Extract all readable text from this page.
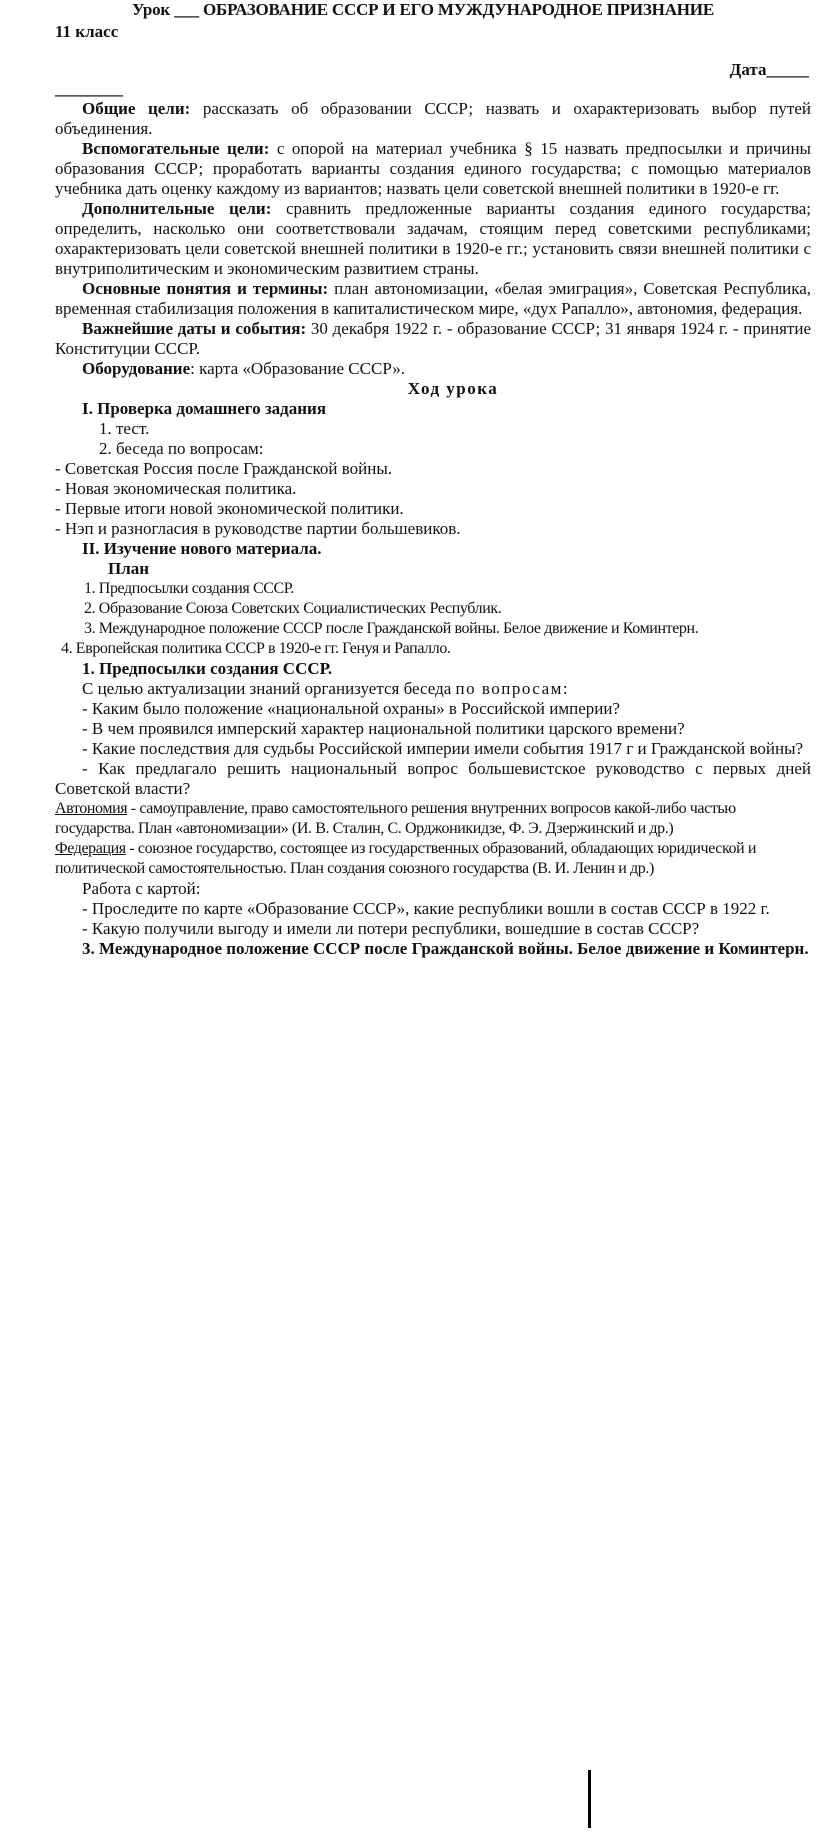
Урок ___ ОБРАЗОВАНИЕ СССР И ЕГО МУЖДУНАРОДНОЕ ПРИЗНАНИЕ

11 класс

Дата_____

________

Общие цели: рассказать об образовании СССР; назвать и охарактеризовать выбор путей объединения.

Вспомогательные цели: с опорой на материал учебника § 15 назвать предпосылки и причины образования СССР; проработать варианты создания единого государства; с помощью материалов учебника дать оценку каждому из вариантов; назвать цели советской внешней политики в 1920-е гг.

Дополнительные цели: сравнить предложенные варианты создания единого государства; определить, насколько они соответствовали задачам, стоящим перед советскими республиками; охарактеризовать цели советской внешней политики в 1920-е гг.; установить связи внешней политики с внутриполитическим и экономическим развитием страны.

Основные понятия и термины: план автономизации, «белая эмиграция», Советская Республика, временная стабилизация положения в капиталистическом мире, «дух Рапалло», автономия, федерация.

Важнейшие даты и события: 30 декабря 1922 г. - образование СССР; 31 января 1924 г. - принятие Конституции СССР.

Оборудование: карта «Образование СССР».

Ход урока

I. Проверка домашнего задания

1. тест.

2. беседа по вопросам:

- Советская Россия после Гражданской войны.

- Новая экономическая политика.

- Первые итоги новой экономической политики.

- Нэп и разногласия в руководстве партии большевиков.

II. Изучение нового материала.

План

1. Предпосылки создания СССР.

2. Образование Союза Советских Социалистических Республик.

3. Международное положение СССР после Гражданской войны. Белое движение и Коминтерн.

4. Европейская политика СССР в 1920-е гг. Генуя и Рапалло.

1. Предпосылки создания СССР.

С целью актуализации знаний организуется беседа по вопросам:

- Каким было положение «национальной охраны» в Российской империи?

- В чем проявился имперский характер национальной политики царского времени?

- Какие последствия для судьбы Российской империи имели события 1917 г и Гражданской войны?

- Как предлагало решить национальный вопрос большевистское руководство с первых дней Советской власти?

Автономия - самоуправление, право самостоятельного решения внутренних вопросов какой-либо частью государства. План «автономизации» (И. В. Сталин, С. Орджоникидзе, Ф. Э. Дзержинский и др.)

Федерация - союзное государство, состоящее из государственных образований, обладающих юридической и политической самостоятельностью. План создания союзного государства (В. И. Ленин и др.)

Работа с картой:

- Проследите по карте «Образование СССР», какие республики вошли в состав СССР в 1922 г.

- Какую получили выгоду и имели ли потери республики, вошедшие в состав СССР?

3. Международное положение СССР после Гражданской войны. Белое движение и Коминтерн.
